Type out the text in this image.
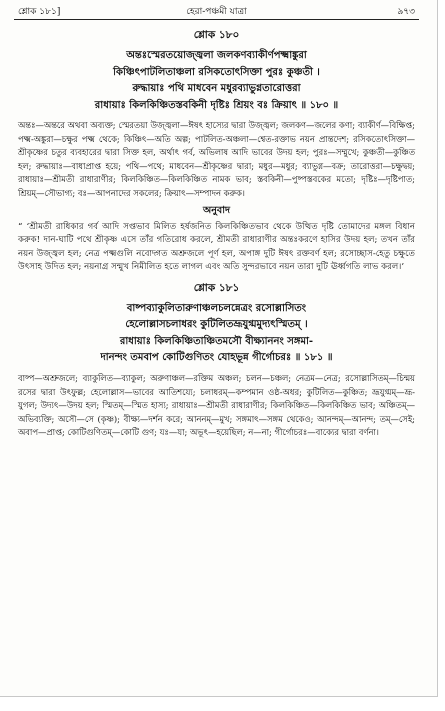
শ্লোক ১৮১]	হেরা-পঞ্চমী যাত্রা	৯৭৩
শ্লোক ১৮০
অন্তঃস্মেরতয়োজ্জ্বলা জলকণব্যাকীর্ণপক্ষ্মাঙ্কুরা
কিঞ্চিৎপাটলিতাঞ্চলা রসিকতোৎসিক্তা পুরঃ কুঞ্চতী ।
রুদ্ধায়াঃ পথি মাধবেন মধুরব্যাভুগ্নতারোত্তরা
রাধায়াঃ কিলকিঞ্চিতস্তবকিনী দৃষ্টিঃ শ্রিয়ং বঃ ক্রিয়াৎ ॥ ১৮০ ॥
অন্তঃ—অন্তরে অথবা অব্যক্ত; স্মেরতয়া উজ্জ্বলা—ঈষৎ হাস্যের দ্বারা উজ্জ্বল; জলকণ—জলের কণা; ব্যাকীর্ণ—বিক্ষিপ্ত; পক্ষ্ম-অঙ্কুরা—চক্ষুর পক্ষ্ম থেকে; কিঞ্চিৎ—অতি অল্প; পাটলিত-অঞ্চলা—শ্বেত-রক্তাভ নয়ন প্রান্তদেশ; রসিকতোৎসিক্তা—শ্রীকৃষ্ণের চতুর ব্যবহারের দ্বারা সিক্ত হল, অর্থাৎ গর্ব, অভিলাষ আদি ভাবের উদয় হল; পুরঃ—সম্মুখে; কুঞ্চতী—কুঞ্চিত হল; রুদ্ধায়াঃ—বাধাপ্রাপ্ত হয়ে; পথি—পথে; মাধবেন—শ্রীকৃষ্ণের দ্বারা; মধুর—মধুর; ব্যাভুগ্ন—বক্র; তারোত্তরা—চক্ষুদ্বয়; রাধায়াঃ—শ্রীমতী রাধারাণীর; কিলকিঞ্চিত—কিলকিঞ্চিত নামক ভাব; স্তবকিনী—পুষ্পস্তবকের মতো; দৃষ্টিঃ—দৃষ্টিপাত; শ্রিয়ম্—সৌভাগ্য; বঃ—আপনাদের সকলের; ক্রিয়াৎ—সম্পাদন করুক।
অনুবাদ
“ ‘শ্রীমতী রাধিকার গর্ব আদি সপ্তভাব মিলিত হর্ষজনিত কিলকিঞ্চিতভাব থেকে উত্থিত দৃষ্টি তোমাদের মঙ্গল বিধান করুক! দান-ঘাটি পথে শ্রীকৃষ্ণ এসে তাঁর গতিরোধ করলে, শ্রীমতী রাধারাণীর অন্তঃকরণে হাসির উদয় হল; তখন তাঁর নয়ন উজ্জ্বল হল; নেত্র পক্ষ্মগুলি নবোদ্গত অশ্রুজলে পূর্ণ হল, অপাঙ্গ দুটি ঈষৎ রক্তবর্ণ হল; রসোচ্ছাস-হেতু চক্ষুতে উৎসাহ উদিত হল; নয়নাগ্র সন্মুখ নিমীলিত হতে লাগল এবং অতি সুন্দরভাবে নয়ন তারা দুটি ঊর্ধ্বগতি লাভ করল।’
শ্লোক ১৮১
বাষ্পব্যাকুলিতারুণাঞ্চলচলন্নেত্রং রসোল্লাসিতং
হেলোল্লাসচলাধরং কুটিলিতভ্রূযুগ্মমুদ্যৎস্মিতম্ ।
রাধায়াঃ কিলকিঞ্চিতাঞ্চিতমসৌ বীক্ষ্যাননং সঙ্গমা-
দানন্দং তমবাপ কোটিগুণিতং যোহভূন্ন গীর্গোচরঃ ॥ ১৮১ ॥
বাষ্প—অশ্রুজলে; ব্যাকুলিত—ব্যাকুল; অরুণাঞ্চল—রক্তিম অঞ্চল; চলন—চঞ্চল; নেত্রম—নেত্র; রসোল্লাসিতম্—চিন্ময় রসের দ্বারা উৎফুল্ল; হেলোল্লাস—ভাবের আতিশয্যে; চলাধরম্—কম্পমান ওষ্ঠ-অধর; কুটিলিত—কুঞ্চিত; ভ্রূযুগ্মম্—ভ্রূ-যুগল; উদ্যৎ—উদয় হল; স্মিতম্—স্মিত হাস্য; রাধায়াঃ—শ্রীমতী রাধারাণীর; কিলকিঞ্চিত—কিলকিঞ্চিত ভাব; অঞ্চিতম্—অভিব্যক্তি; অসৌ—সে (কৃষ্ণ); বীক্ষ্য—দর্শন করে; আননম্—মুখ; সঙ্গমাৎ—সঙ্গম থেকেও; আনন্দম্—আনন্দ; তম্—সেই; অবাপ—প্রাপ্ত; কোটিগুণিতম্—কোটি গুণ; যঃ—যা; অভূৎ—হয়েছিল; ন—না; গীর্গোচরঃ—বাক্যের দ্বারা বর্ণনা।
